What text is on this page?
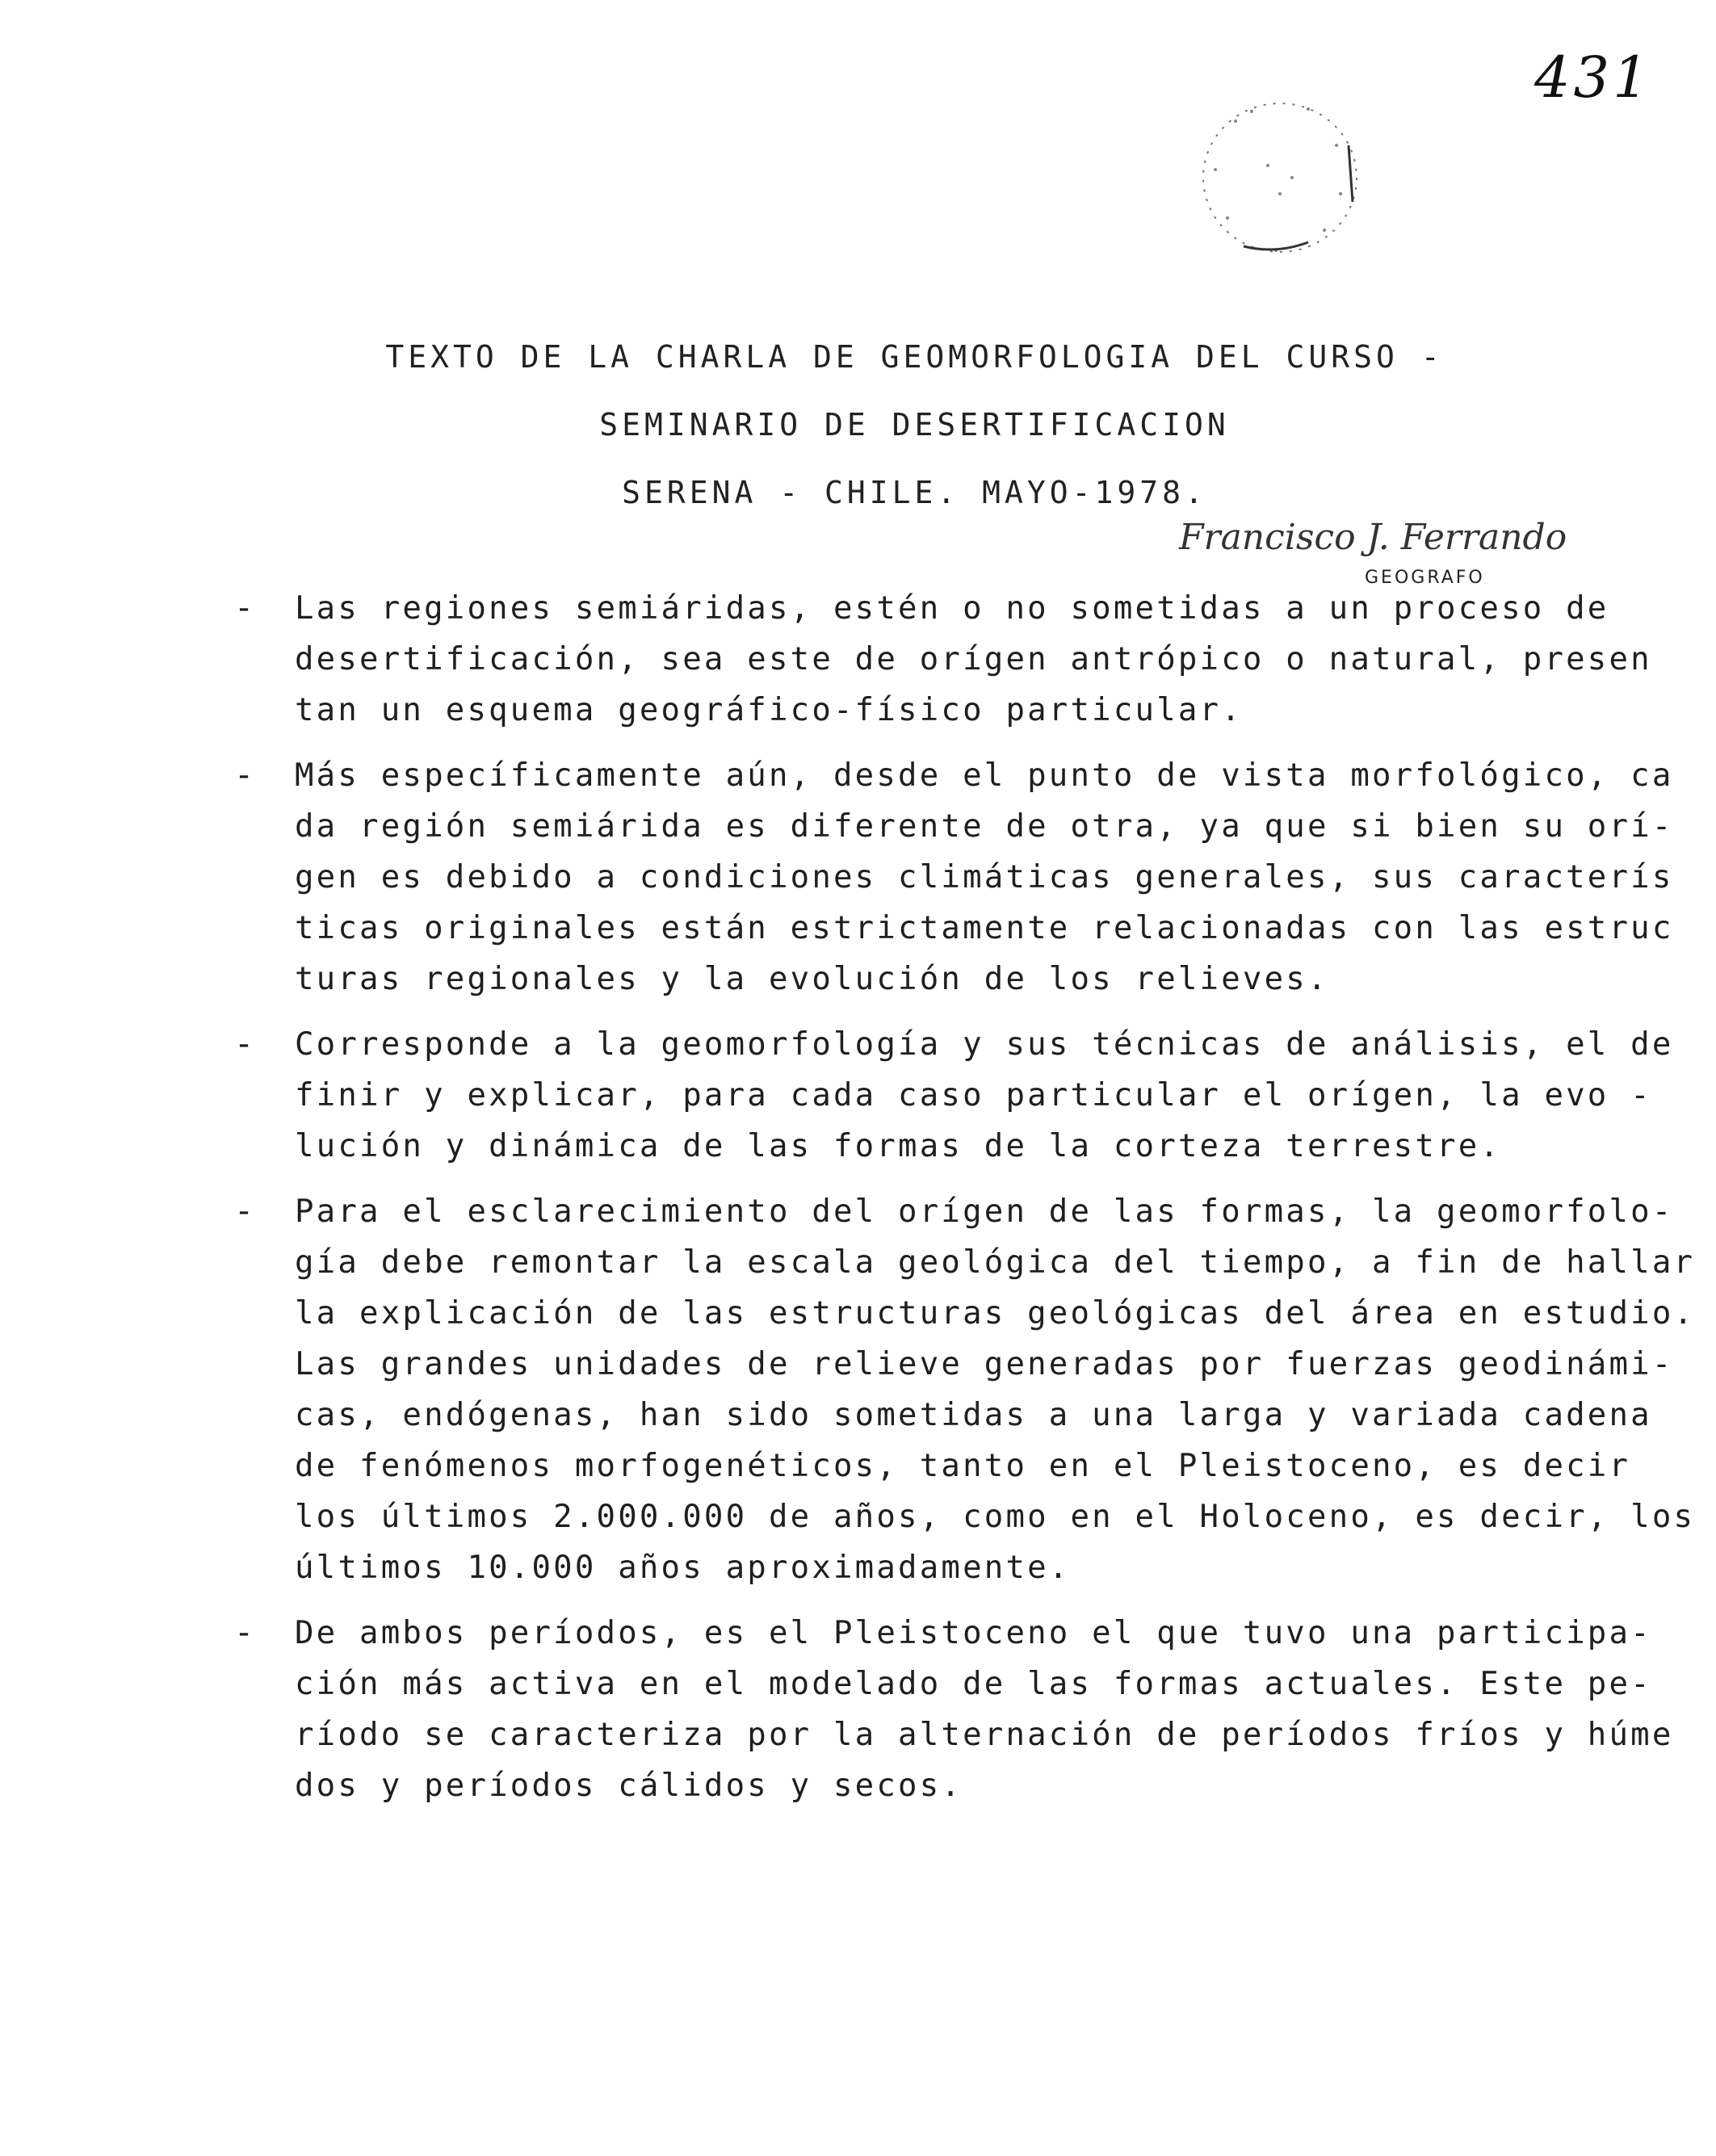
431
TEXTO DE LA CHARLA DE GEOMORFOLOGIA DEL CURSO -
SEMINARIO DE DESERTIFICACION
SERENA - CHILE. MAYO-1978.
Francisco J. Ferrando
GEOGRAFO
- Las regiones semiáridas, estén o no sometidas a un proceso de
desertificación, sea este de orígen antrópico o natural, presen
tan un esquema geográfico-físico particular.
- Más específicamente aún, desde el punto de vista morfológico, ca
da región semiárida es diferente de otra, ya que si bien su orí-
gen es debido a condiciones climáticas generales, sus caracterís
ticas originales están estrictamente relacionadas con las estruc
turas regionales y la evolución de los relieves.
- Corresponde a la geomorfología y sus técnicas de análisis, el de
finir y explicar, para cada caso particular el orígen, la evo -
lución y dinámica de las formas de la corteza terrestre.
- Para el esclarecimiento del orígen de las formas, la geomorfolo-
gía debe remontar la escala geológica del tiempo, a fin de hallar
la explicación de las estructuras geológicas del área en estudio.
Las grandes unidades de relieve generadas por fuerzas geodinámi-
cas, endógenas, han sido sometidas a una larga y variada cadena
de fenómenos morfogenéticos, tanto en el Pleistoceno, es decir
los últimos 2.000.000 de años, como en el Holoceno, es decir, los
últimos 10.000 años aproximadamente.
- De ambos períodos, es el Pleistoceno el que tuvo una participa-
ción más activa en el modelado de las formas actuales. Este pe-
ríodo se caracteriza por la alternación de períodos fríos y húme
dos y períodos cálidos y secos.
